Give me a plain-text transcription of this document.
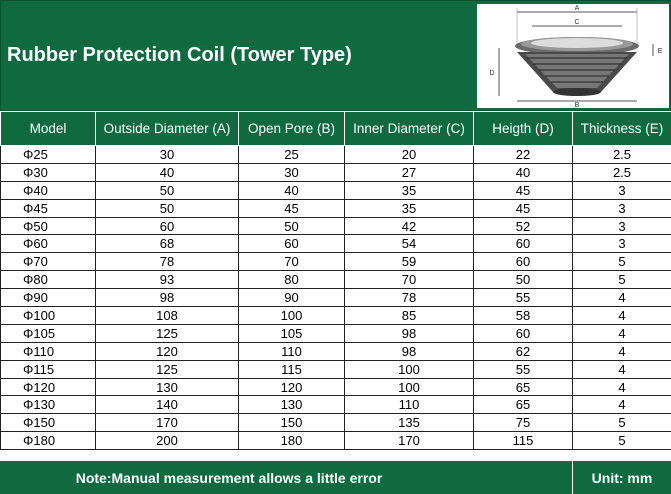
Rubber Protection Coil (Tower Type)
A
C
D
E
B
Model	Outside Diameter (A)	Open Pore (B)	Inner Diameter (C)	Heigth (D)	Thickness (E)
Φ25	30	25	20	22	2.5
Φ30	40	30	27	40	2.5
Φ40	50	40	35	45	3
Φ45	50	45	35	45	3
Φ50	60	50	42	52	3
Φ60	68	60	54	60	3
Φ70	78	70	59	60	5
Φ80	93	80	70	50	5
Φ90	98	90	78	55	4
Φ100	108	100	85	58	4
Φ105	125	105	98	60	4
Φ110	120	110	98	62	4
Φ115	125	115	100	55	4
Φ120	130	120	100	65	4
Φ130	140	130	110	65	4
Φ150	170	150	135	75	5
Φ180	200	180	170	115	5
Note:Manual measurement allows a little error	Unit: mm
